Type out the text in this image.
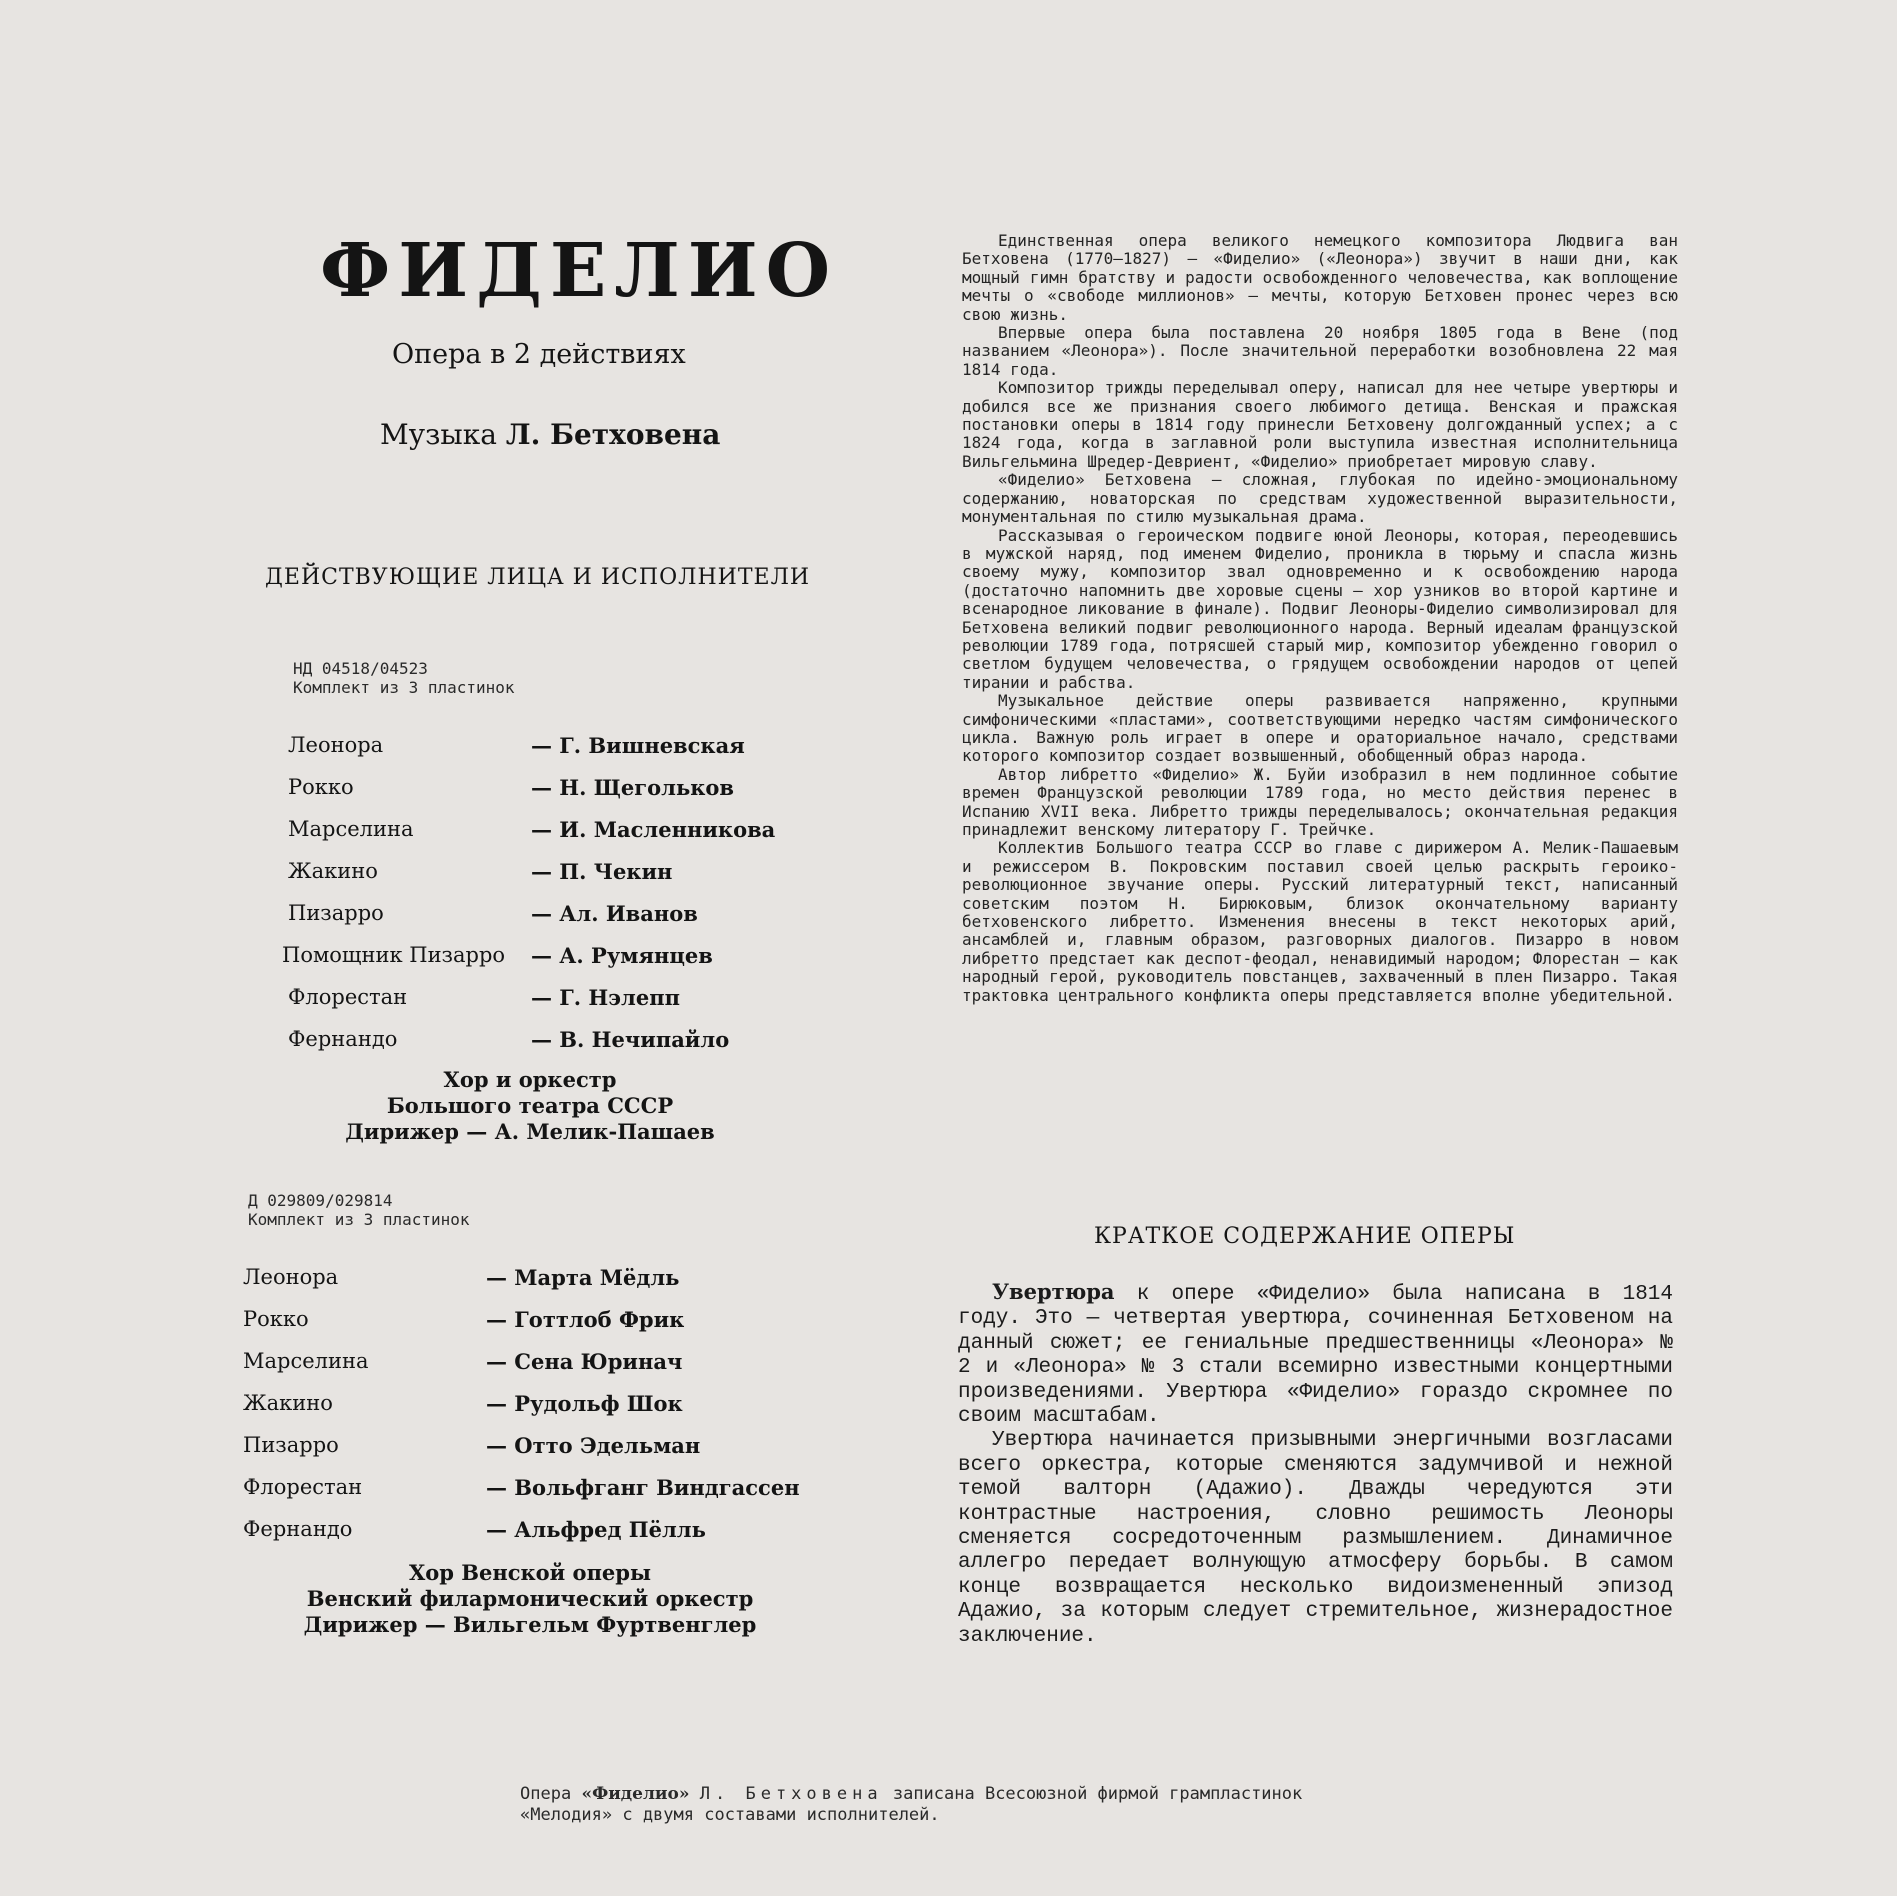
ФИДЕЛИО
Опера в 2 действиях
Музыка Л. Бетховена
ДЕЙСТВУЮЩИЕ ЛИЦА И ИСПОЛНИТЕЛИ
НД 04518/04523
Комплект из 3 пластинок
Леонора	— Г. Вишневская
Рокко	— Н. Щегольков
Марселина	— И. Масленникова
Жакино	— П. Чекин
Пизарро	— Ал. Иванов
Помощник Пизарро — А. Румянцев
Флорестан	— Г. Нэлепп
Фернандо	— В. Нечипайло
Хор и оркестр
Большого театра СССР
Дирижер — А. Мелик-Пашаев
Д 029809/029814
Комплект из 3 пластинок
Леонора	— Марта Мёдль
Рокко	— Готтлоб Фрик
Марселина	— Сена Юринач
Жакино	— Рудольф Шок
Пизарро	— Отто Эдельман
Флорестан	— Вольфганг Виндгассен
Фернандо	— Альфред Пёлль
Хор Венской оперы
Венский филармонический оркестр
Дирижер — Вильгельм Фуртвенглер

Единственная опера великого немецкого композитора Людвига ван Бетховена (1770—1827) — «Фиделио» («Леонора») звучит в наши дни, как мощный гимн братству и радости освобожденного человечества, как воплощение мечты о «свободе миллионов» — мечты, которую Бетховен пронес через всю свою жизнь.

Впервые опера была поставлена 20 ноября 1805 года в Вене (под названием «Леонора»). После значительной переработки возобновлена 22 мая 1814 года.

Композитор трижды переделывал оперу, написал для нее четыре увертюры и добился все же признания своего любимого детища. Венская и пражская постановки оперы в 1814 году принесли Бетховену долгожданный успех; а с 1824 года, когда в заглавной роли выступила известная исполнительница Вильгельмина Шредер-Девриент, «Фиделио» приобретает мировую славу.

«Фиделио» Бетховена — сложная, глубокая по идейно-эмоциональному содержанию, новаторская по средствам художественной выразительности, монументальная по стилю музыкальная драма.

Рассказывая о героическом подвиге юной Леоноры, которая, переодевшись в мужской наряд, под именем Фиделио, проникла в тюрьму и спасла жизнь своему мужу, композитор звал одновременно и к освобождению народа (достаточно напомнить две хоровые сцены — хор узников во второй картине и всенародное ликование в финале). Подвиг Леоноры-Фиделио символизировал для Бетховена великий подвиг революционного народа. Верный идеалам французской революции 1789 года, потрясшей старый мир, композитор убежденно говорил о светлом будущем человечества, о грядущем освобождении народов от цепей тирании и рабства.

Музыкальное действие оперы развивается напряженно, крупными симфоническими «пластами», соответствующими нередко частям симфонического цикла. Важную роль играет в опере и ораториальное начало, средствами которого композитор создает возвышенный, обобщенный образ народа.

Автор либретто «Фиделио» Ж. Буйи изобразил в нем подлинное событие времен Французской революции 1789 года, но место действия перенес в Испанию XVII века. Либретто трижды переделывалось; окончательная редакция принадлежит венскому литератору Г. Трейчке.

Коллектив Большого театра СССР во главе с дирижером А. Мелик-Пашаевым и режиссером В. Покровским поставил своей целью раскрыть героико-революционное звучание оперы. Русский литературный текст, написанный советским поэтом Н. Бирюковым, близок окончательному варианту бетховенского либретто. Изменения внесены в текст некоторых арий, ансамблей и, главным образом, разговорных диалогов. Пизарро в новом либретто предстает как деспот-феодал, ненавидимый народом; Флорестан — как народный герой, руководитель повстанцев, захваченный в плен Пизарро. Такая трактовка центрального конфликта оперы представляется вполне убедительной.

КРАТКОЕ СОДЕРЖАНИЕ ОПЕРЫ

Увертюра к опере «Фиделио» была написана в 1814 году. Это — четвертая увертюра, сочиненная Бетховеном на данный сюжет; ее гениальные предшественницы «Леонора» № 2 и «Леонора» № 3 стали всемирно известными концертными произведениями. Увертюра «Фиделио» гораздо скромнее по своим масштабам.

Увертюра начинается призывными энергичными возгласами всего оркестра, которые сменяются задумчивой и нежной темой валторн (Адажио). Дважды чередуются эти контрастные настроения, словно решимость Леоноры сменяется сосредоточенным размышлением. Динамичное аллегро передает волнующую атмосферу борьбы. В самом конце возвращается несколько видоизмененный эпизод Адажио, за которым следует стремительное, жизнерадостное заключение.

Опера «Фиделио» Л. Бетховена записана Всесоюзной фирмой грампластинок «Мелодия» с двумя составами исполнителей.
